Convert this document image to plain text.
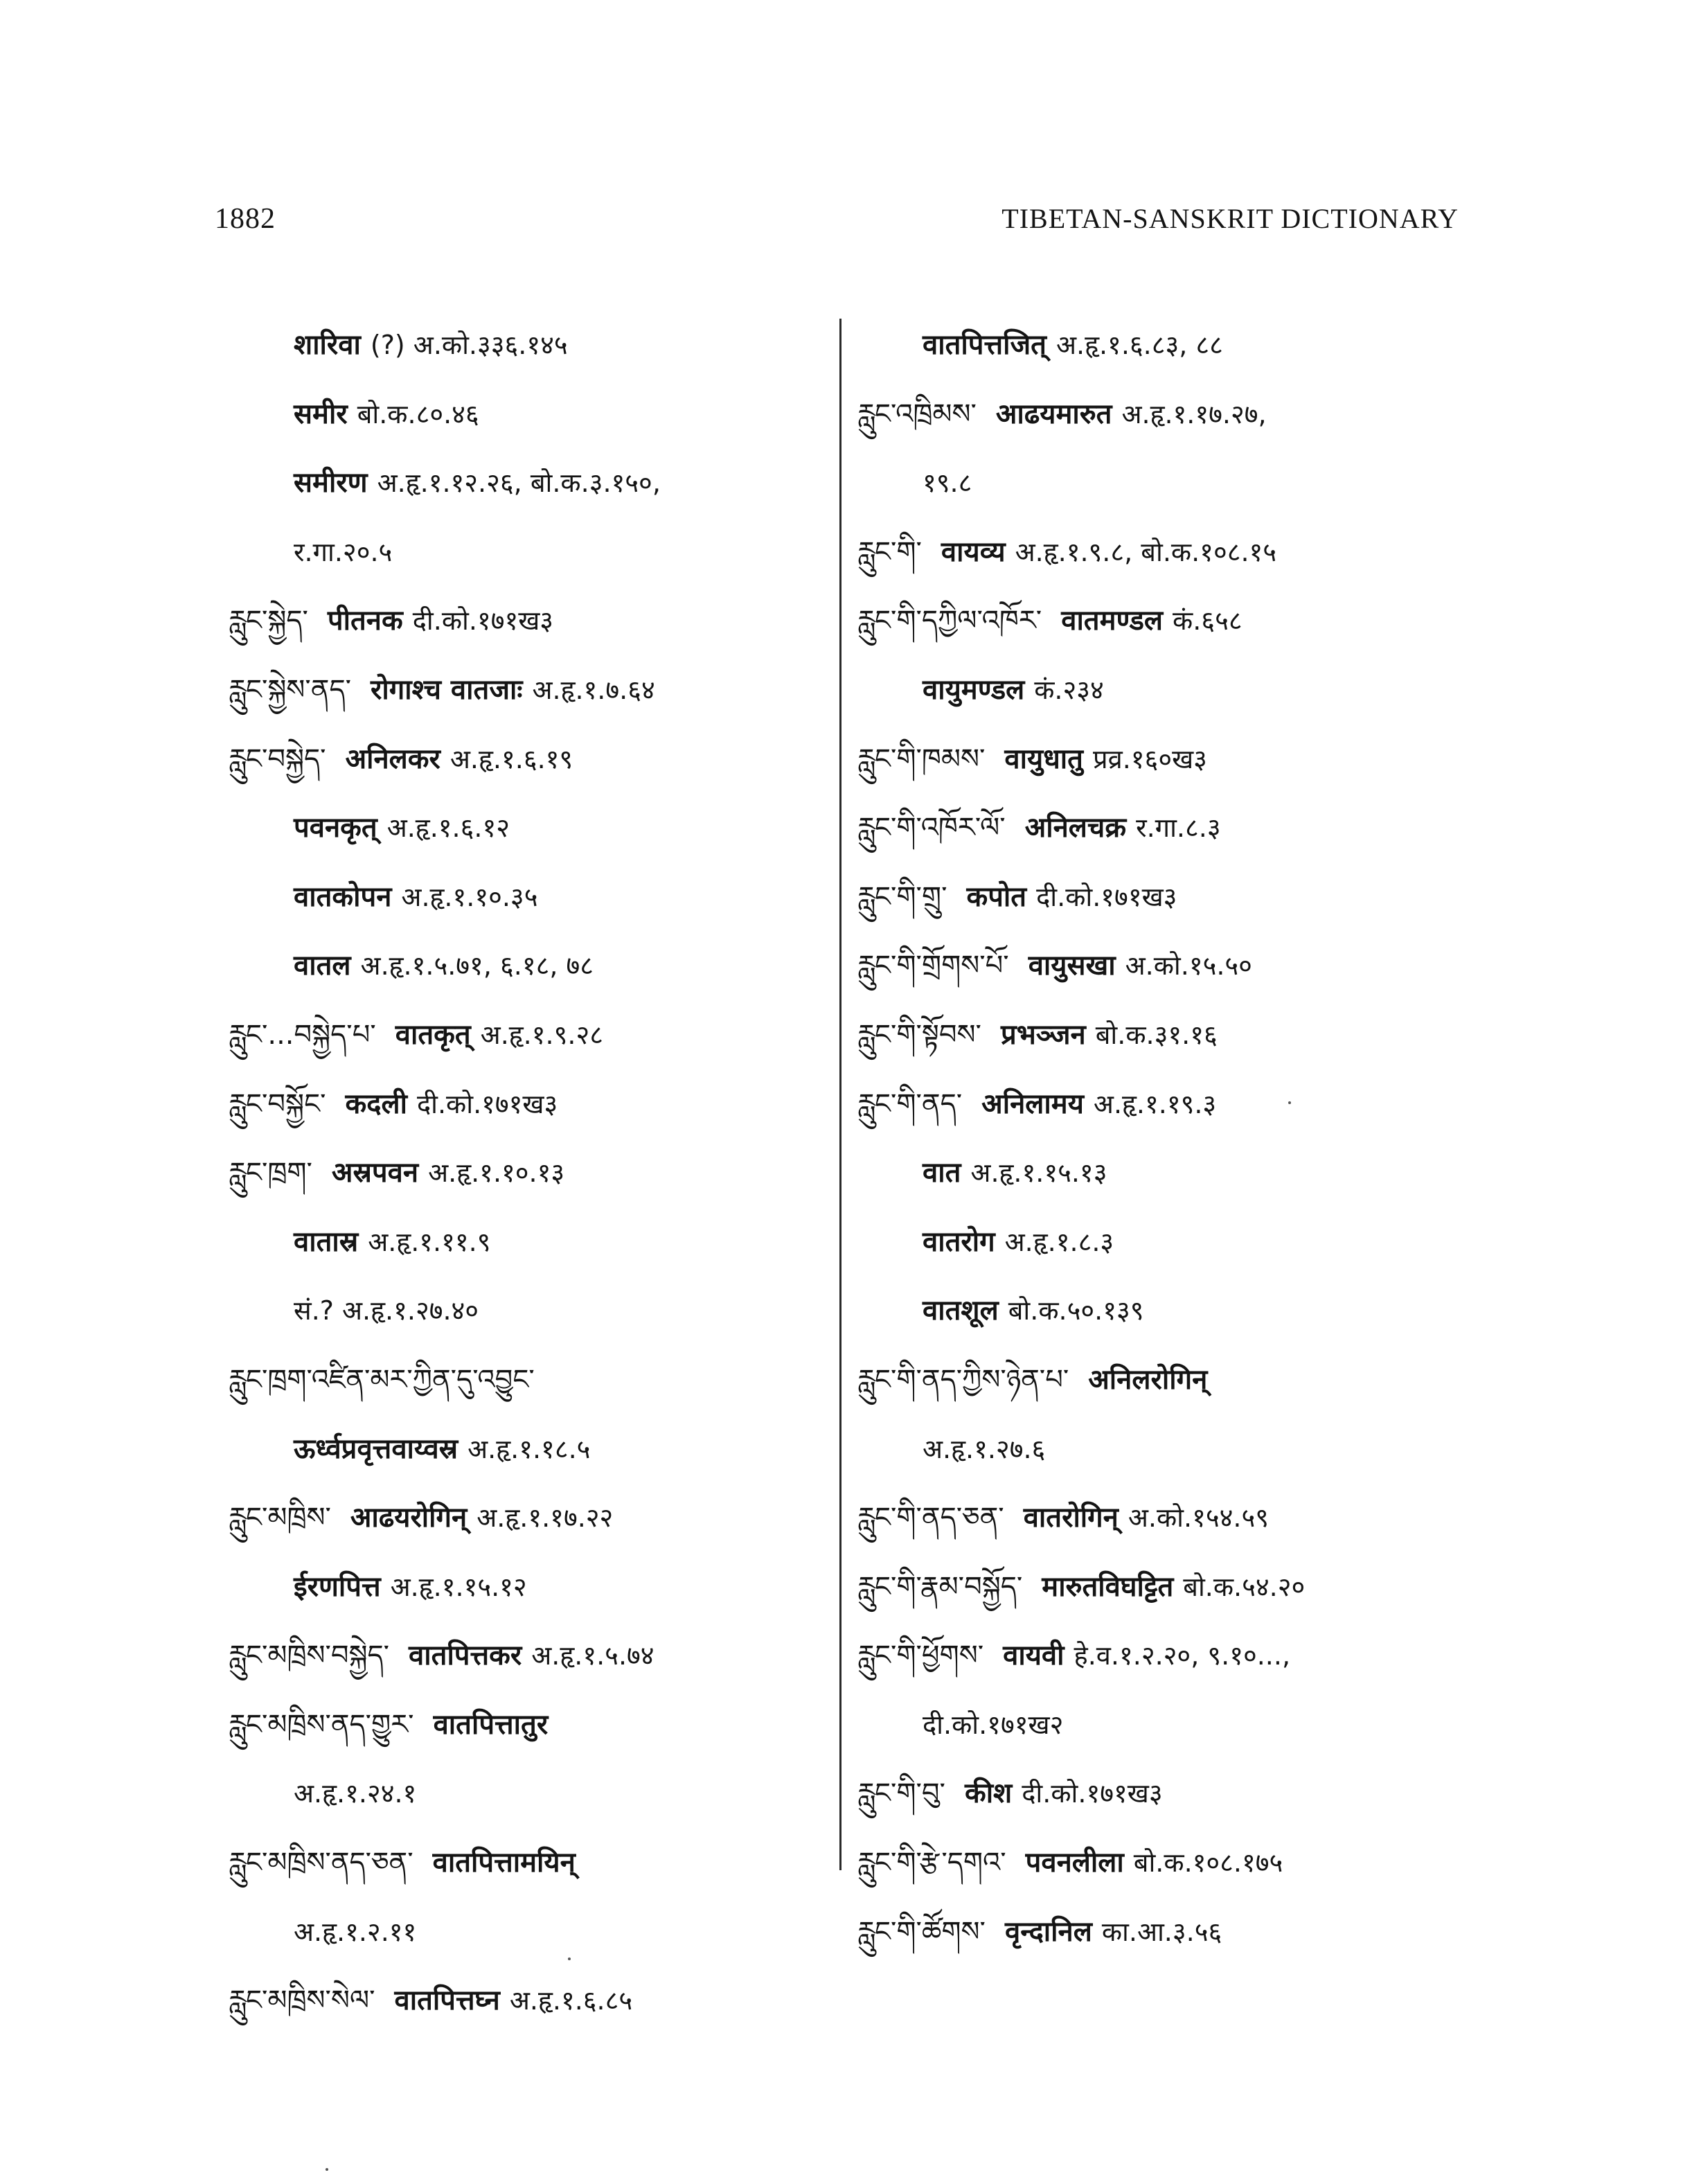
1882	TIBETAN-SANSKRIT DICTIONARY
शारिवा (?) अ.को.३३६.१४५
समीर बो.क.८०.४६
समीरण अ.हृ.१.१२.२६, बो.क.३.१५०,
र.गा.२०.५
རླུང་སྐྱེད་ पीतनक दी.को.१७१ख३
རླུང་སྐྱེས་ནད་ रोगाश्च वातजाः अ.हृ.१.७.६४
རླུང་བསྐྱེད་ अनिलकर अ.हृ.१.६.१९
पवनकृत् अ.हृ.१.६.१२
वातकोपन अ.हृ.१.१०.३५
वातल अ.हृ.१.५.७१, ६.१८, ७८
རླུང་...བསྐྱེད་པ་ वातकृत् अ.हृ.१.९.२८
རླུང་བསྐྱོང་ कदली दी.को.१७१ख३
རླུང་ཁྲག་ अस्रपवन अ.हृ.१.१०.१३
वातास्र अ.हृ.१.११.९
सं.? अ.हृ.१.२७.४०
རླུང་ཁྲག་འཛིན་མར་ཀྱིན་དུ་འབྱུང་
ऊर्ध्वप्रवृत्तवाय्वस्र अ.हृ.१.१८.५
རླུང་མཁྲིས་ आढयरोगिन् अ.हृ.१.१७.२२
ईरणपित्त अ.हृ.१.१५.१२
རླུང་མཁྲིས་བསྐྱེད་ वातपित्तकर अ.हृ.१.५.७४
རླུང་མཁྲིས་ནད་གྱུར་ वातपित्तातुर
अ.हृ.१.२४.१
རླུང་མཁྲིས་ནད་ཅན་ वातपित्तामयिन्
अ.हृ.१.२.११
རླུང་མཁྲིས་སེལ་ वातपित्तघ्न अ.हृ.१.६.८५
वातपित्तजित् अ.हृ.१.६.८३, ८८
རླུང་འཁྲིམས་ आढयमारुत अ.हृ.१.१७.२७,
१९.८
རླུང་གི་ वायव्य अ.हृ.१.९.८, बो.क.१०८.१५
རླུང་གི་དཀྱིལ་འཁོར་ वातमण्डल कं.६५८
वायुमण्डल कं.२३४
རླུང་གི་ཁམས་ वायुधातु प्रव्र.१६०ख३
རླུང་གི་འཁོར་ལོ་ अनिलचक्र र.गा.८.३
རླུང་གི་གྲུ་ कपोत दी.को.१७१ख३
རླུང་གི་གྲོགས་པོ་ वायुसखा अ.को.१५.५०
རླུང་གི་སྟོབས་ प्रभञ्जन बो.क.३१.१६
རླུང་གི་ནད་ अनिलामय अ.हृ.१.१९.३
वात अ.हृ.१.१५.१३
वातरोग अ.हृ.१.८.३
वातशूल बो.क.५०.१३९
རླུང་གི་ནད་ཀྱིས་ཉེན་པ་ अनिलरोगिन्
अ.हृ.१.२७.६
རླུང་གི་ནད་ཅན་ वातरोगिन् अ.को.१५४.५९
རླུང་གི་རྣམ་བསྐྱོད་ मारुतविघट्टित बो.क.५४.२०
རླུང་གི་ཕྱོགས་ वायवी हे.व.१.२.२०, ९.१०...,
दी.को.१७१ख२
རླུང་གི་བུ་ कीश दी.को.१७१ख३
རླུང་གི་རྩེ་དགའ་ पवनलीला बो.क.१०८.१७५
རླུང་གི་ཚོགས་ वृन्दानिल का.आ.३.५६
